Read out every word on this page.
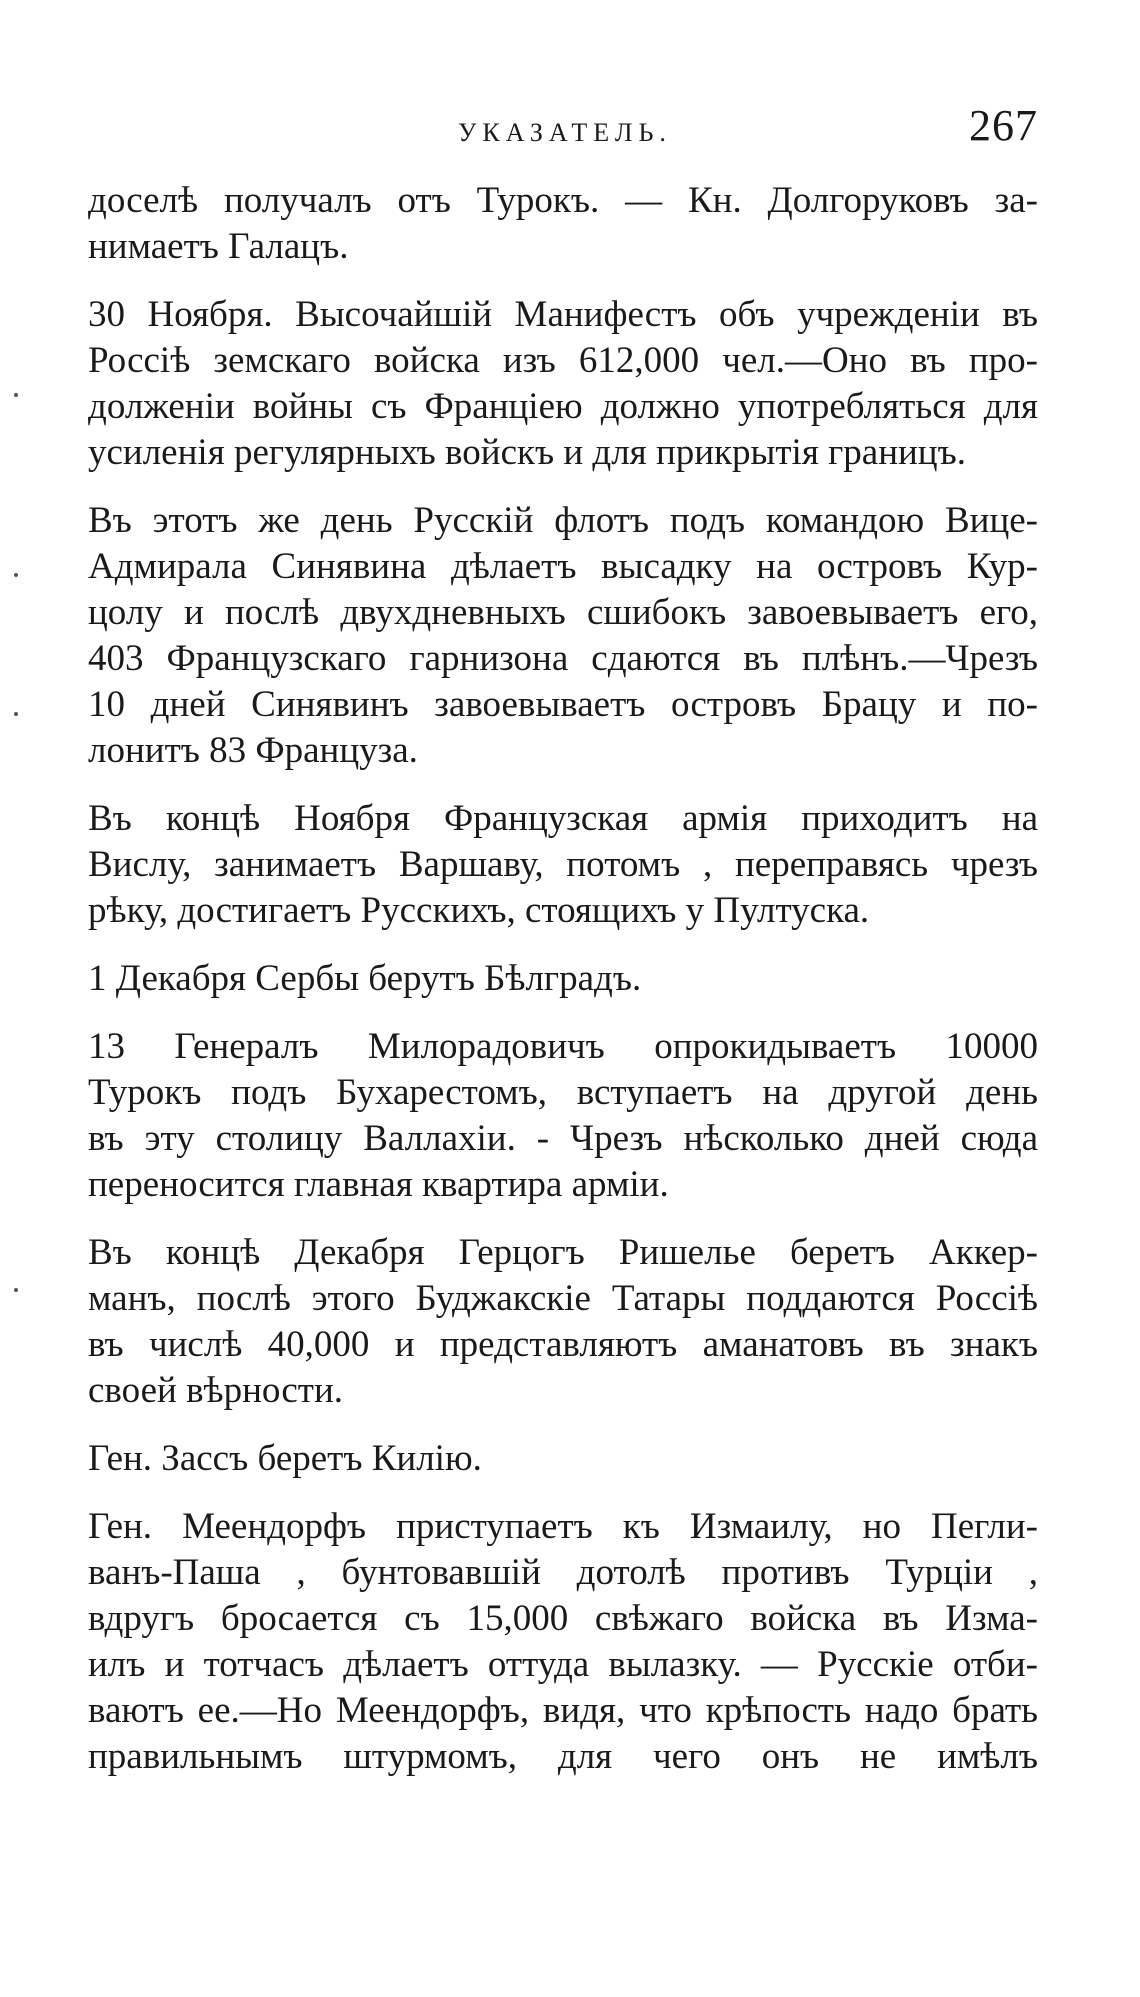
УКАЗАТЕЛЬ.	267
доселѣ получалъ отъ Турокъ. — Кн. Долгоруковъ за-
нимаетъ Галацъ.
30 Ноября. Высочайшій Манифестъ объ учрежденіи въ
Россіѣ земскаго войска изъ 612,000 чел.—Оно въ про-
долженіи войны съ Франціею должно употребляться для
усиленія регулярныхъ войскъ и для прикрытія границъ.
Въ этотъ же день Русскій флотъ подъ командою Вице-
Адмирала Синявина дѣлаетъ высадку на островъ Кур-
цолу и послѣ двухдневныхъ сшибокъ завоевываетъ его,
403 Французскаго гарнизона сдаются въ плѣнъ.—Чрезъ
10 дней Синявинъ завоевываетъ островъ Брацу и по-
лонитъ 83 Француза.
Въ концѣ Ноября Французская армія приходитъ на
Вислу, занимаетъ Варшаву, потомъ , переправясь чрезъ
рѣку, достигаетъ Русскихъ, стоящихъ у Пултуска.
1 Декабря Сербы берутъ Бѣлградъ.
13 Генералъ Милорадовичъ опрокидываетъ 10000
Турокъ подъ Бухарестомъ, вступаетъ на другой день
въ эту столицу Валлахіи. - Чрезъ нѣсколько дней сюда
переносится главная квартира арміи.
Въ концѣ Декабря Герцогъ Ришелье беретъ Аккер-
манъ, послѣ этого Буджакскіе Татары поддаются Россіѣ
въ числѣ 40,000 и представляютъ аманатовъ въ знакъ
своей вѣрности.
Ген. Зассъ беретъ Килію.
Ген. Меендорфъ приступаетъ къ Измаилу, но Пегли-
ванъ-Паша , бунтовавшій дотолѣ противъ Турціи ,
вдругъ бросается съ 15,000 свѣжаго войска въ Изма-
илъ и тотчасъ дѣлаетъ оттуда вылазку. — Русскіе отби-
ваютъ ее.—Но Меендорфъ, видя, что крѣпость надо брать
правильнымъ штурмомъ, для чего онъ не имѣлъ
